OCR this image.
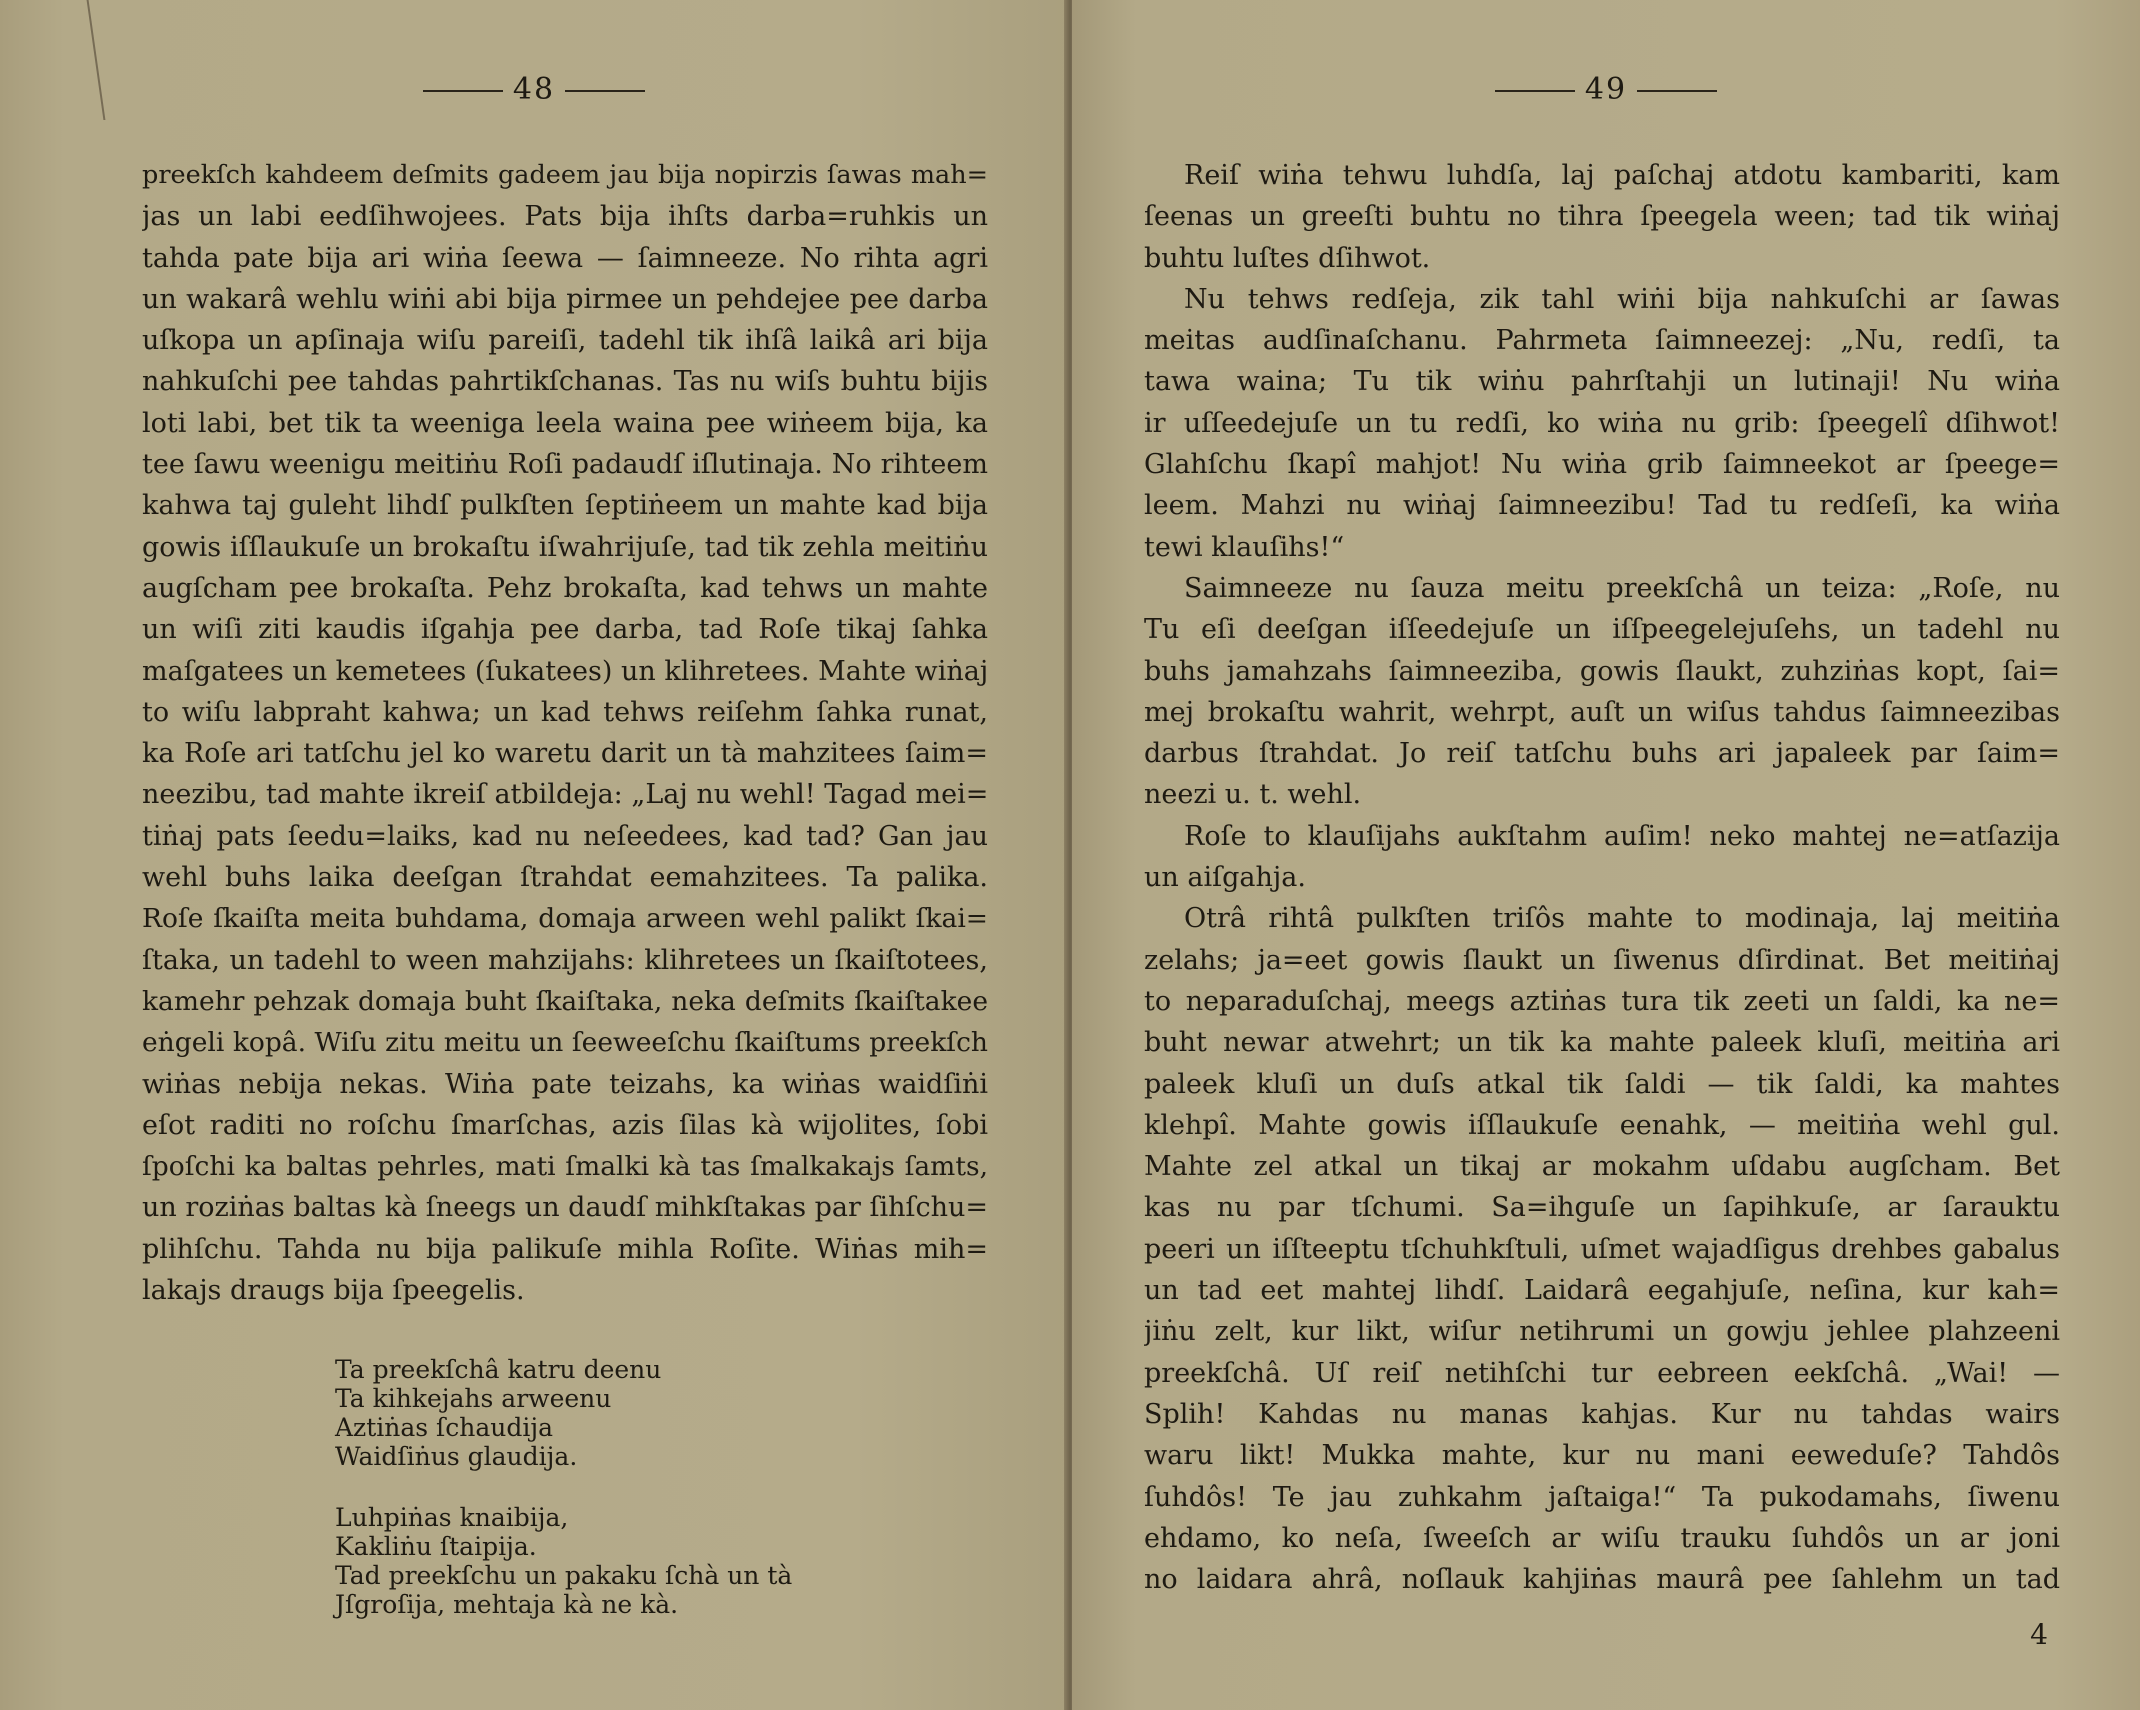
48
preekſch kahdeem deſmits gadeem jau bija nopirzis ſawas mah=
jas un labi eedſihwojees. Pats bija ihſts darba=ruhkis un
tahda pate bija ari wiṅa ſeewa — ſaimneeze. No rihta agri
un wakarâ wehlu wiṅi abi bija pirmee un pehdejee pee darba
uſkopa un apſinaja wiſu pareiſi, tadehl tik ihſâ laikâ ari bija
nahkuſchi pee tahdas pahrtikſchanas. Tas nu wiſs buhtu bijis
loti labi, bet tik ta weeniga leela waina pee wiṅeem bija, ka
tee ſawu weenigu meitiṅu Roſi padaudſ iſlutinaja. No rihteem
kahwa taj guleht lihdſ pulkſten ſeptiṅeem un mahte kad bija
gowis iſſlaukuſe un brokaſtu iſwahrijuſe, tad tik zehla meitiṅu
augſcham pee brokaſta. Pehz brokaſta, kad tehws un mahte
un wiſi ziti kaudis iſgahja pee darba, tad Roſe tikaj ſahka
maſgatees un kemetees (ſukatees) un klihretees. Mahte wiṅaj
to wiſu labpraht kahwa; un kad tehws reiſehm ſahka runat,
ka Roſe ari tatſchu jel ko waretu darit un tà mahzitees ſaim=
neezibu, tad mahte ikreiſ atbildeja: „Laj nu wehl! Tagad mei=
tiṅaj pats ſeedu=laiks, kad nu neſeedees, kad tad? Gan jau
wehl buhs laika deeſgan ſtrahdat eemahzitees. Ta palika.
Roſe ſkaiſta meita buhdama, domaja arween wehl palikt ſkai=
ſtaka, un tadehl to ween mahzijahs: klihretees un ſkaiſtotees,
kamehr pehzak domaja buht ſkaiſtaka, neka deſmits ſkaiſtakee
eṅgeli kopâ. Wiſu zitu meitu un ſeeweeſchu ſkaiſtums preekſch
wiṅas nebija nekas. Wiṅa pate teizahs, ka wiṅas waidſiṅi
eſot raditi no roſchu ſmarſchas, azis ſilas kà wijolites, ſobi
ſpoſchi ka baltas pehrles, mati ſmalki kà tas ſmalkakajs ſamts,
un roziṅas baltas kà ſneegs un daudſ mihkſtakas par ſihſchu=
plihſchu. Tahda nu bija palikuſe mihla Roſite. Wiṅas mih=
lakajs draugs bija ſpeegelis.
Ta preekſchâ katru deenu
Ta kihkejahs arweenu
Aztiṅas ſchaudija
Waidſiṅus glaudija.
Luhpiṅas knaibija,
Kakliṅu ſtaipija.
Tad preekſchu un pakaku ſchà un tà
Jſgroſija, mehtaja kà ne kà.
49
Reiſ wiṅa tehwu luhdſa, laj paſchaj atdotu kambariti, kam
ſeenas un greeſti buhtu no tihra ſpeegela ween; tad tik wiṅaj
buhtu luſtes dſihwot.
Nu tehws redſeja, zik tahl wiṅi bija nahkuſchi ar ſawas
meitas audſinaſchanu. Pahrmeta ſaimneezej: „Nu, redſi, ta
tawa waina; Tu tik wiṅu pahrſtahji un lutinaji! Nu wiṅa
ir uſſeedejuſe un tu redſi, ko wiṅa nu grib: ſpeegelî dſihwot!
Glahſchu ſkapî mahjot! Nu wiṅa grib ſaimneekot ar ſpeege=
leem. Mahzi nu wiṅaj ſaimneezibu! Tad tu redſeſi, ka wiṅa
tewi klauſihs!“
Saimneeze nu ſauza meitu preekſchâ un teiza: „Roſe, nu
Tu eſi deeſgan iſſeedejuſe un iſſpeegelejuſehs, un tadehl nu
buhs jamahzahs ſaimneeziba, gowis ſlaukt, zuhziṅas kopt, ſai=
mej brokaſtu wahrit, wehrpt, auſt un wiſus tahdus ſaimneezibas
darbus ſtrahdat. Jo reiſ tatſchu buhs ari japaleek par ſaim=
neezi u. t. wehl.
Roſe to klauſijahs aukſtahm auſim! neko mahtej ne=atſazija
un aiſgahja.
Otrâ rihtâ pulkſten triſôs mahte to modinaja, laj meitiṅa
zelahs; ja=eet gowis ſlaukt un ſiwenus dſirdinat. Bet meitiṅaj
to neparaduſchaj, meegs aztiṅas tura tik zeeti un ſaldi, ka ne=
buht newar atwehrt; un tik ka mahte paleek kluſi, meitiṅa ari
paleek kluſi un duſs atkal tik ſaldi — tik ſaldi, ka mahtes
klehpî. Mahte gowis iſſlaukuſe eenahk, — meitiṅa wehl gul.
Mahte zel atkal un tikaj ar mokahm uſdabu augſcham. Bet
kas nu par tſchumi. Sa=ihguſe un ſapihkuſe, ar ſarauktu
peeri un iſſteeptu tſchuhkſtuli, uſmet wajadſigus drehbes gabalus
un tad eet mahtej lihdſ. Laidarâ eegahjuſe, neſina, kur kah=
jiṅu zelt, kur likt, wiſur netihrumi un gowju jehlee plahzeeni
preekſchâ. Uſ reiſ netihſchi tur eebreen eekſchâ. „Wai! —
Splih! Kahdas nu manas kahjas. Kur nu tahdas wairs
waru likt! Mukka mahte, kur nu mani eeweduſe? Tahdôs
ſuhdôs! Te jau zuhkahm jaſtaiga!“ Ta pukodamahs, ſiwenu
ehdamo, ko neſa, ſweeſch ar wiſu trauku ſuhdôs un ar joni
no laidara ahrâ, noſlauk kahjiṅas maurâ pee ſahlehm un tad
4
